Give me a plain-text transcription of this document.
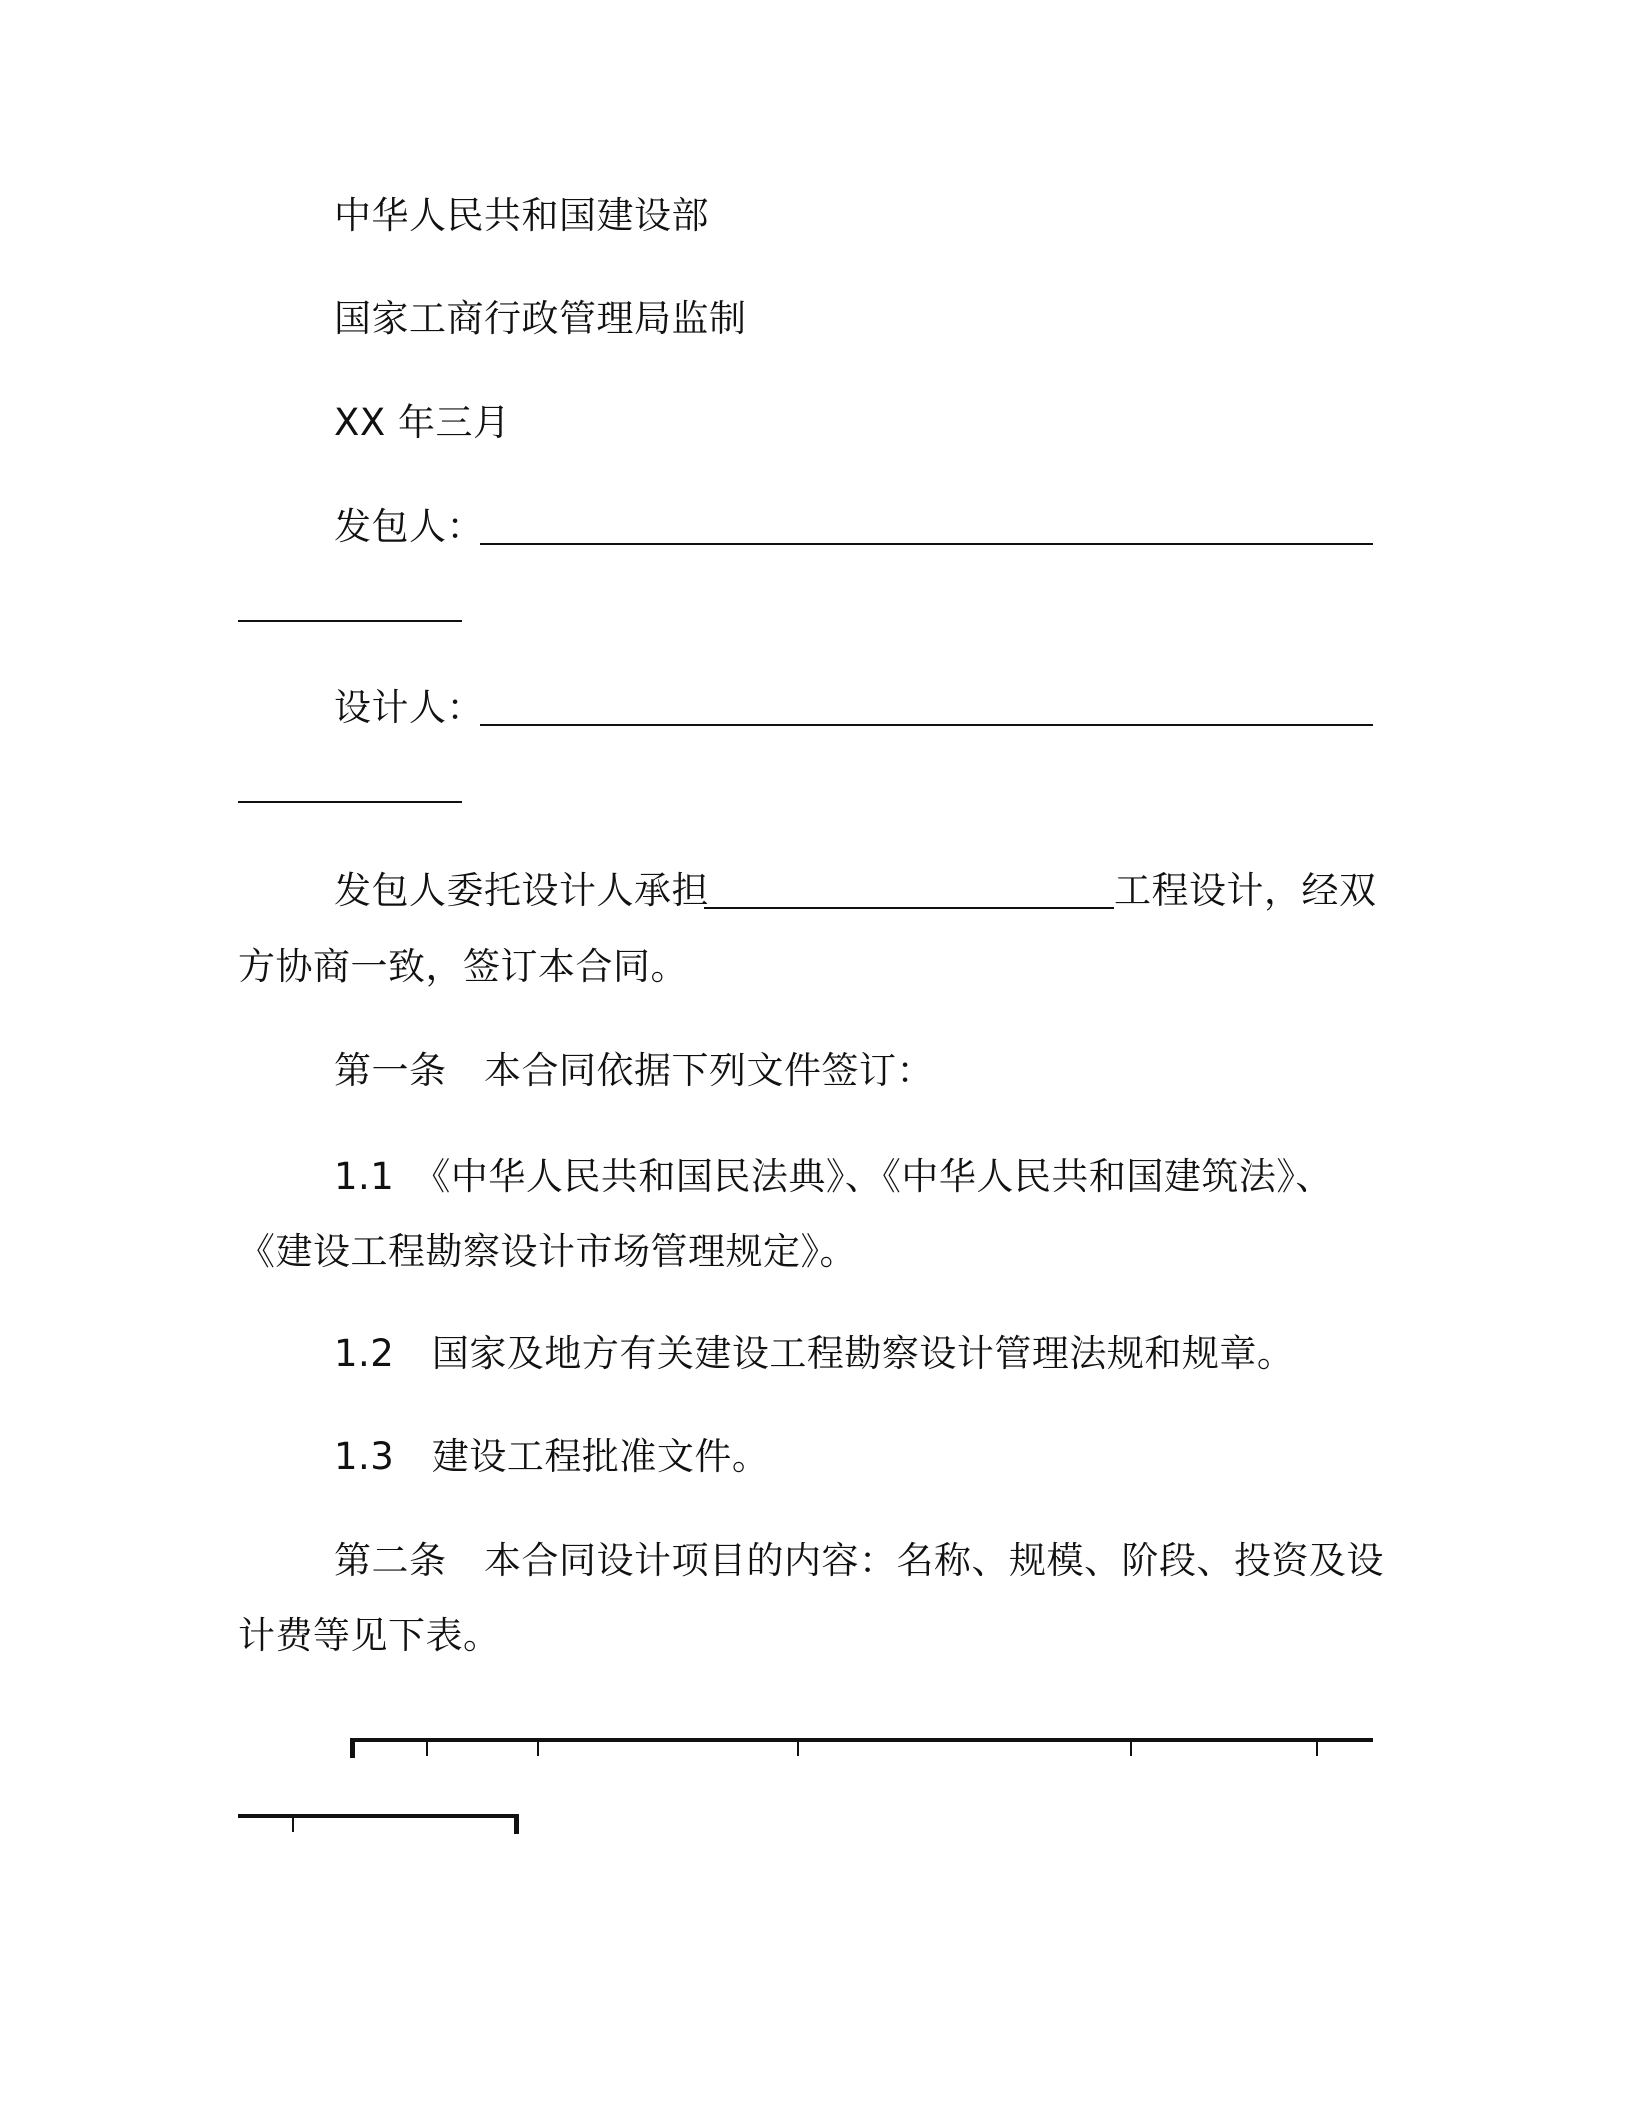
中华人民共和国建设部
国家工商行政管理局监制
XX 年三月
发包人：
设计人：
发包人委托设计人承担	工程设计，经双
方协商一致，签订本合同。
第一条　本合同依据下列文件签订：
1.1　《中华人民共和国民法典》、《中华人民共和国建筑法》、
《建设工程勘察设计市场管理规定》。
1.2　国家及地方有关建设工程勘察设计管理法规和规章。
1.3　建设工程批准文件。
第二条　本合同设计项目的内容：名称、规模、阶段、投资及设
计费等见下表。
